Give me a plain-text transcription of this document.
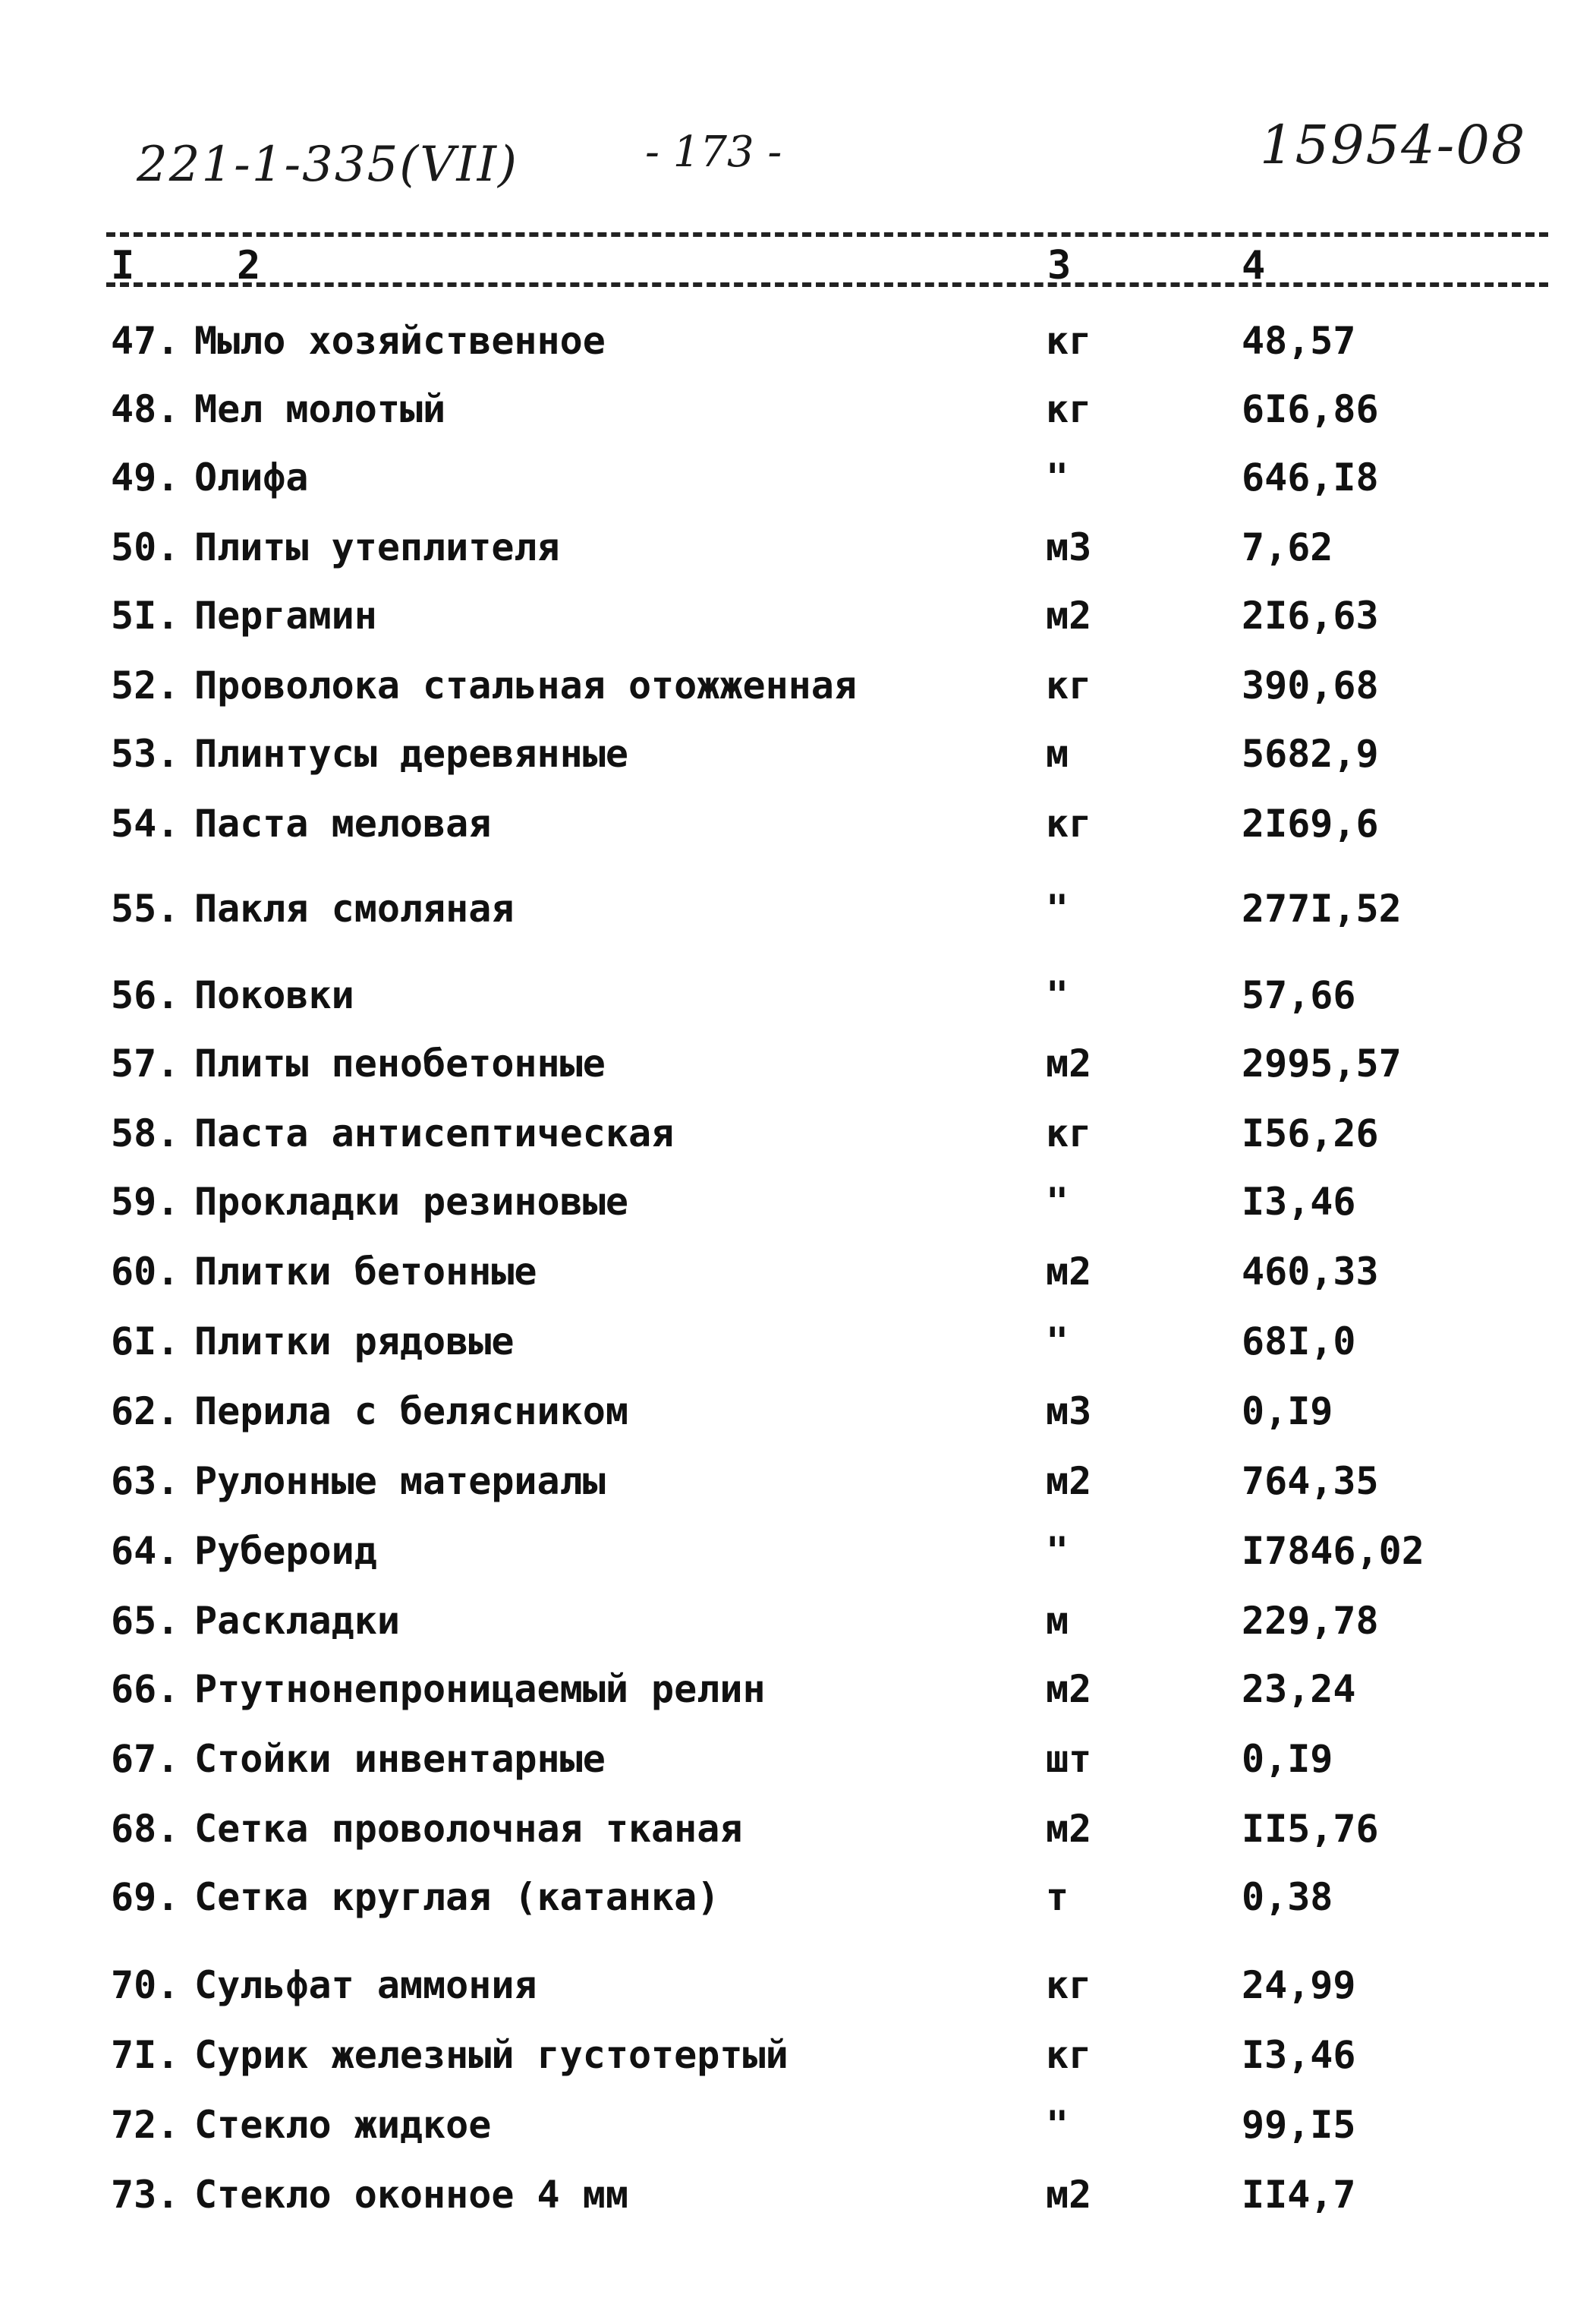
221-1-335(VII)	- 173 -	15954-08
I	2	3	4
47. Мыло хозяйственное	кг	48,57
48. Мел молотый	кг	6I6,86
49. Олифа	"	646,I8
50. Плиты утеплителя	м3	7,62
5I. Пергамин	м2	2I6,63
52. Проволока стальная отожженная	кг	390,68
53. Плинтусы деревянные	м	5682,9
54. Паста меловая	кг	2I69,6
55. Пакля смоляная	"	277I,52
56. Поковки	"	57,66
57. Плиты пенобетонные	м2	2995,57
58. Паста антисептическая	кг	I56,26
59. Прокладки резиновые	"	I3,46
60. Плитки бетонные	м2	460,33
6I. Плитки рядовые	"	68I,0
62. Перила с белясником	м3	0,I9
63. Рулонные материалы	м2	764,35
64. Рубероид	"	I7846,02
65. Раскладки	м	229,78
66. Ртутнонепроницаемый релин	м2	23,24
67. Стойки инвентарные	шт	0,I9
68. Сетка проволочная тканая	м2	II5,76
69. Сетка круглая (катанка)	т	0,38
70. Сульфат аммония	кг	24,99
7I. Сурик железный густотертый	кг	I3,46
72. Стекло жидкое	"	99,I5
73. Стекло оконное 4 мм	м2	II4,7
